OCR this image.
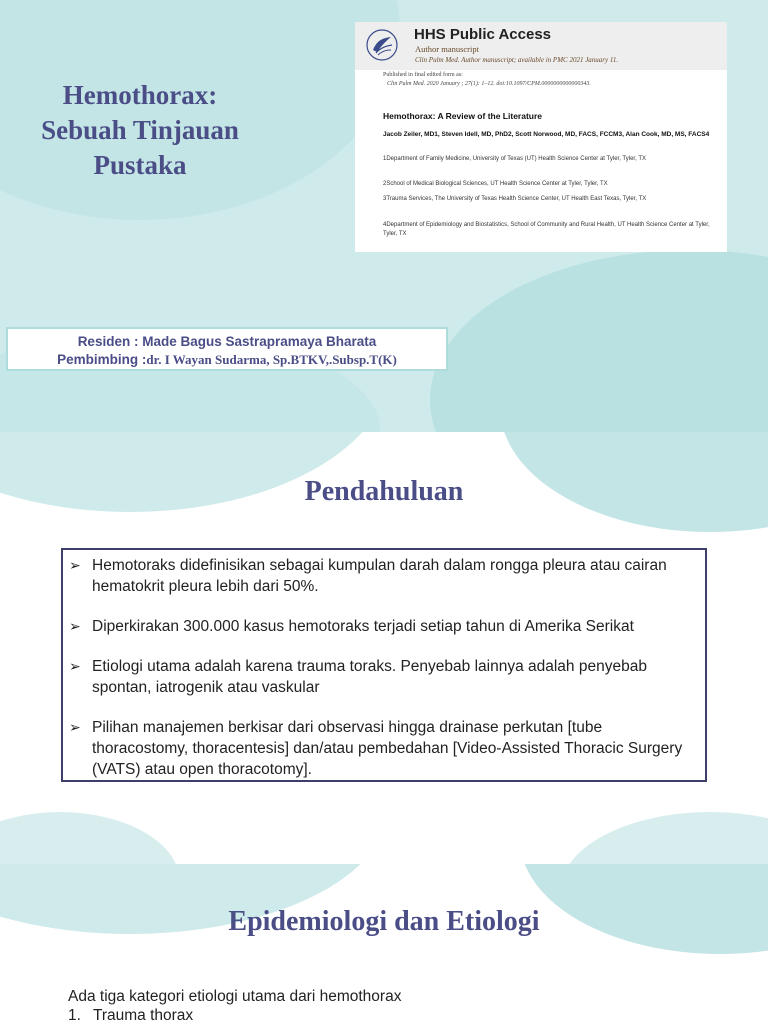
Hemothorax:
Sebuah Tinjauan
Pustaka
HHS Public Access
Author manuscript
Clin Pulm Med. Author manuscript; available in PMC 2021 January 11.
Published in final edited form as:
Clin Pulm Med. 2020 January ; 27(1): 1–12. doi:10.1097/CPM.0000000000000343.
Hemothorax: A Review of the Literature
Jacob Zeiler, MD1, Steven Idell, MD, PhD2, Scott Norwood, MD, FACS, FCCM3, Alan Cook, MD, MS, FACS4
1Department of Family Medicine, University of Texas (UT) Health Science Center at Tyler, Tyler, TX
2School of Medical Biological Sciences, UT Health Science Center at Tyler, Tyler, TX
3Trauma Services, The University of Texas Health Science Center, UT Health East Texas, Tyler, TX
4Department of Epidemiology and Biostatistics, School of Community and Rural Health, UT Health Science Center at Tyler, Tyler, TX
Residen : Made Bagus Sastrapramaya Bharata
Pembimbing :dr. I Wayan Sudarma, Sp.BTKV,.Subsp.T(K)
Pendahuluan
➢ Hemotoraks didefinisikan sebagai kumpulan darah dalam rongga pleura atau cairan hematokrit pleura lebih dari 50%.
➢ Diperkirakan 300.000 kasus hemotoraks terjadi setiap tahun di Amerika Serikat
➢ Etiologi utama adalah karena trauma toraks. Penyebab lainnya adalah penyebab spontan, iatrogenik atau vaskular
➢ Pilihan manajemen berkisar dari observasi hingga drainase perkutan [tube thoracostomy, thoracentesis] dan/atau pembedahan [Video-Assisted Thoracic Surgery (VATS) atau open thoracotomy].
Epidemiologi dan Etiologi
Ada tiga kategori etiologi utama dari hemothorax
1. Trauma thorax
